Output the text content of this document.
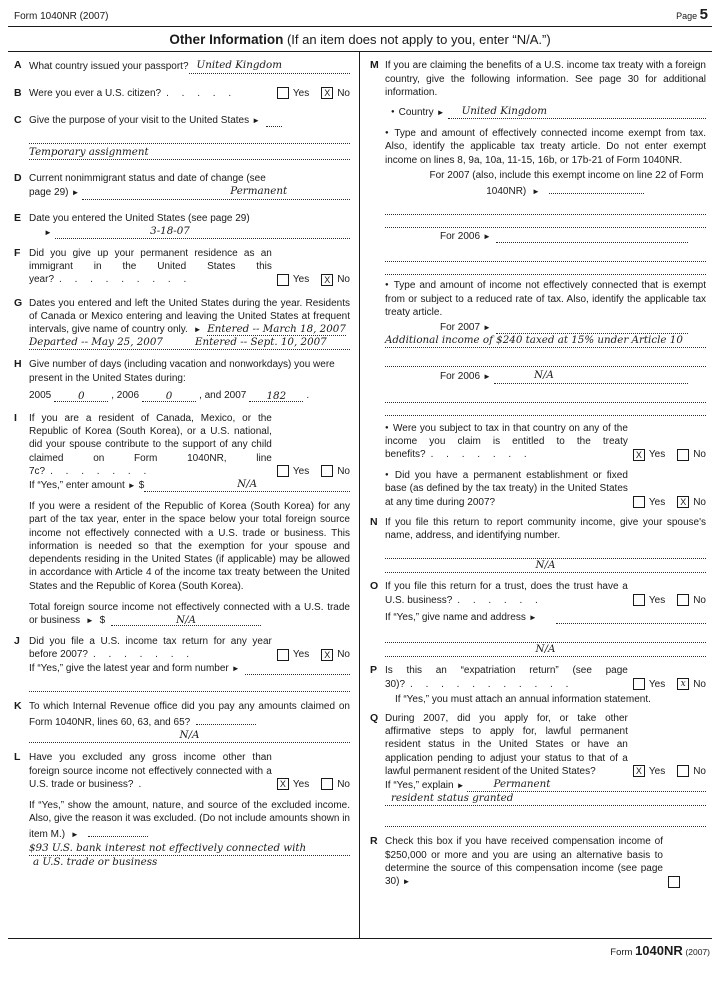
Form 1040NR (2007)	Page 5
Other Information (If an item does not apply to you, enter “N/A.”)
A What country issued your passport? United Kingdom
B Were you ever a U.S. citizen? . . . . .	Yes	X No
C Give the purpose of your visit to the United States ►
Temporary assignment
D Current nonimmigrant status and date of change (see
page 29) ►	Permanent
E Date you entered the United States (see page 29)
►	3-18-07
F Did you give up your permanent residence as an immigrant in the United States this year? . . . . . . . . .	Yes	X No
G Dates you entered and left the United States during the year. Residents of Canada or Mexico entering and leaving the United States at frequent intervals, give name of country only. ► Entered -- March 18, 2007
Departed -- May 25, 2007	Entered -- Sept. 10, 2007
H Give number of days (including vacation and nonworkdays) you were present in the United States during:
2005	0	, 2006	0	, and 2007	182	.
I	If you are a resident of Canada, Mexico, or the Republic of Korea (South Korea), or a U.S. national, did your spouse contribute to the support of any child claimed on Form 1040NR, line 7c? . . . . . . .	Yes	No
If “Yes,” enter amount ► $	N/A
If you were a resident of the Republic of Korea (South Korea) for any part of the tax year, enter in the space below your total foreign source income not effectively connected with a U.S. trade or business. This information is needed so that the exemption for your spouse and dependents residing in the United States (if applicable) may be allowed in accordance with Article 4 of the income tax treaty between the United States and the Republic of Korea (South Korea).
Total foreign source income not effectively connected with a U.S. trade or business ► $	N/A
J Did you file a U.S. income tax return for any year before 2007? . . . . . . .	Yes	X No
If “Yes,” give the latest year and form number ►
K To which Internal Revenue office did you pay any amounts claimed on Form 1040NR, lines 60, 63, and 65?
N/A
L Have you excluded any gross income other than foreign source income not effectively connected with a U.S. trade or business? .	X Yes	No
If “Yes,” show the amount, nature, and source of the excluded income. Also, give the reason it was excluded. (Do not include amounts shown in item M.) ►
$93 U.S. bank interest not effectively connected with
a U.S. trade or business
M If you are claiming the benefits of a U.S. income tax treaty with a foreign country, give the following information. See page 30 for additional information.
● Country ►	United Kingdom
● Type and amount of effectively connected income exempt from tax. Also, identify the applicable tax treaty article. Do not enter exempt income on lines 8, 9a, 10a, 11-15, 16b, or 17b-21 of Form 1040NR.
For 2007 (also, include this exempt income on line 22 of Form 1040NR) ►
For 2006 ►
● Type and amount of income not effectively connected that is exempt from or subject to a reduced rate of tax. Also, identify the applicable tax treaty article.
For 2007 ►
Additional income of $240 taxed at 15% under Article 10
For 2006 ►	N/A
● Were you subject to tax in that country on any of the income you claim is entitled to the treaty benefits? . . . . . . .	X Yes	No
● Did you have a permanent establishment or fixed base (as defined by the tax treaty) in the United States at any time during 2007?	Yes	X No
N If you file this return to report community income, give your spouse's name, address, and identifying number.
N/A
O If you file this return for a trust, does the trust have a U.S. business? . . . . . .	Yes	No
If “Yes,” give name and address ►
N/A
P Is this an “expatriation return” (see page 30)? . . . . . . . . . . .	Yes	x No
If “Yes,” you must attach an annual information statement.
Q During 2007, did you apply for, or take other affirmative steps to apply for, lawful permanent resident status in the United States or have an application pending to adjust your status to that of a lawful permanent resident of the United States?	X Yes	No
If “Yes,” explain ►	Permanent
resident status granted
R Check this box if you have received compensation income of $250,000 or more and you are using an alternative basis to determine the source of this compensation income (see page 30) ►
Form 1040NR (2007)
